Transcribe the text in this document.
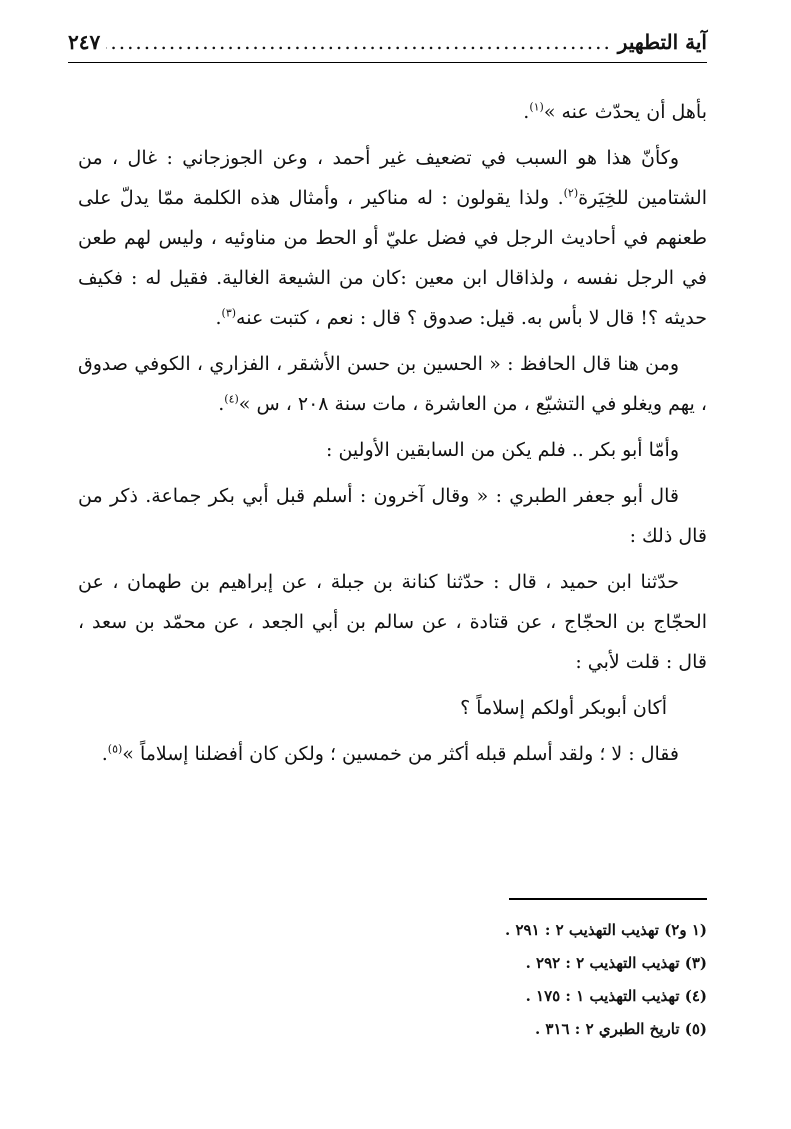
آية التطهير
.....
٢٤٧

بأهل أن يحدّث عنه »$^{(١)}$.

وكأنّ هذا هو السبب في تضعيف غير أحمد ، وعن الجوزجاني : غال ، من الشتامين للخِيَرة$^{(٢)}$. ولذا يقولون : له مناكير ، وأمثال هذه الكلمة ممّا يدلّ على طعنهم في أحاديث الرجل في فضل عليّ أو الحط من مناوئيه ، وليس لهم طعن في الرجل نفسه ، ولذاقال ابن معين :كان من الشيعة الغالية. فقيل له : فكيف حديثه ؟! قال لا بأس به. قيل: صدوق ؟ قال : نعم ، كتبت عنه$^{(٣)}$.

ومن هنا قال الحافظ : « الحسين بن حسن الأشقر ، الفزاري ، الكوفي صدوق ، يهم ويغلو في التشيّع ، من العاشرة ، مات سنة ٢٠٨ ، س »$^{(٤)}$.

وأمّا أبو بكر .. فلم يكن من السابقين الأولين :

قال أبو جعفر الطبري : « وقال آخرون : أسلم قبل أبي بكر جماعة. ذكر من قال ذلك :

حدّثنا ابن حميد ، قال : حدّثنا كنانة بن جبلة ، عن إبراهيم بن طهمان ، عن الحجّاج بن الحجّاج ، عن قتادة ، عن سالم بن أبي الجعد ، عن محمّد بن سعد ، قال : قلت لأبي :

أكان أبوبكر أولكم إسلاماً ؟

فقال : لا ؛ ولقد أسلم قبله أكثر من خمسين ؛ ولكن كان أفضلنا إسلاماً »$^{(٥)}$.

(١ و٢) تهذيب التهذيب ٢ : ٢٩١ .
(٣) تهذيب التهذيب ٢ : ٢٩٢ .
(٤) تهذيب التهذيب ١ : ١٧٥ .
(٥) تاريخ الطبري ٢ : ٣١٦ .
